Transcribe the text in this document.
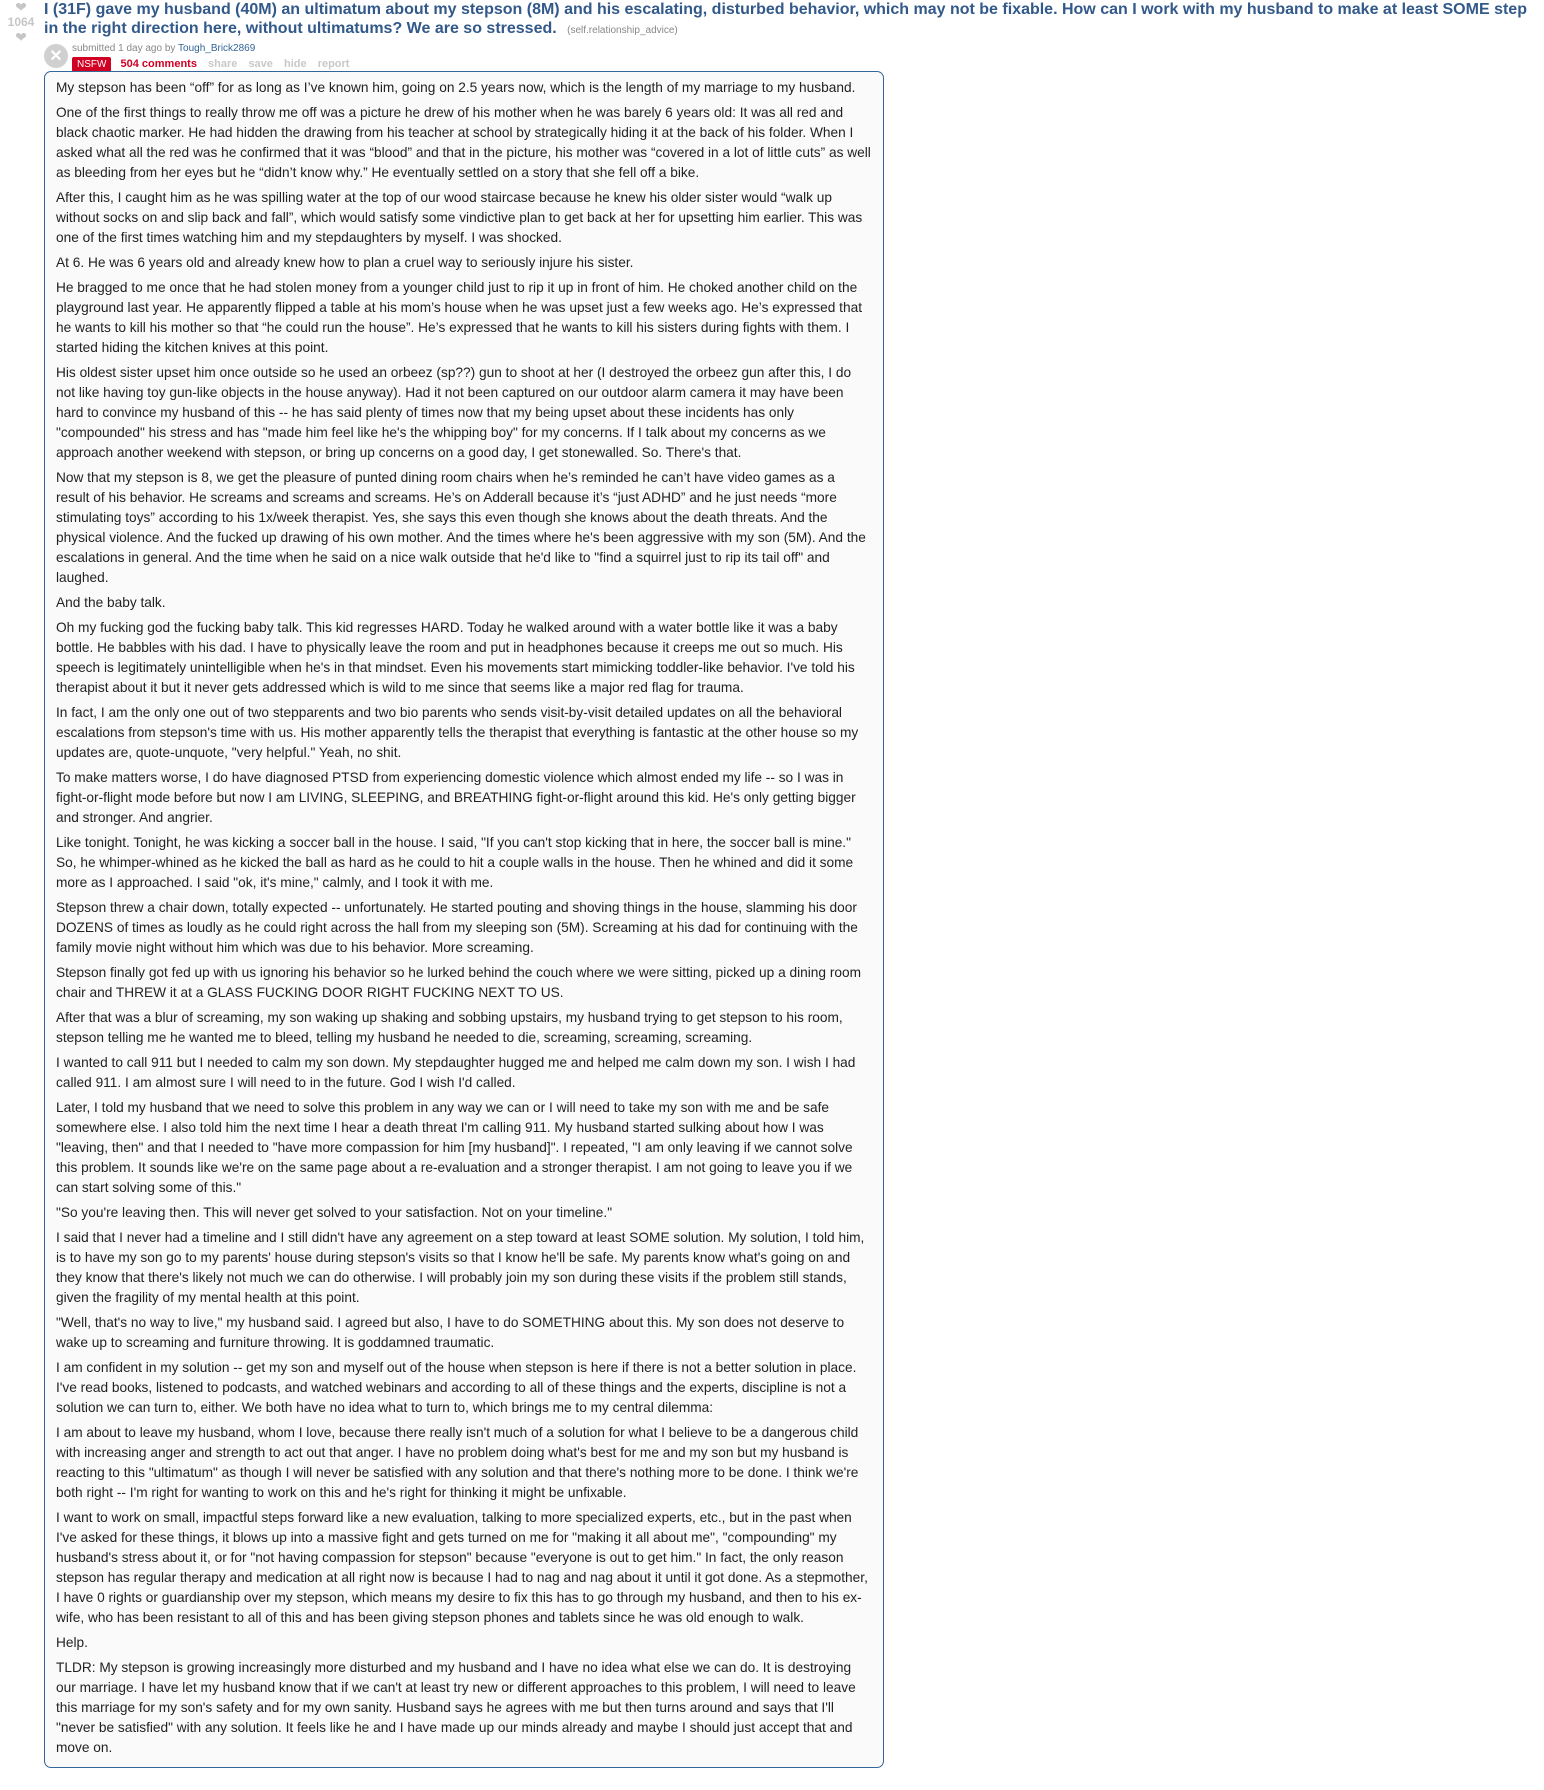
❤
1064
❤

I (31F) gave my husband (40M) an ultimatum about my stepson (8M) and his escalating, disturbed behavior, which may not be fixable. How can I work with my husband to make at least SOME step in the right direction here, without ultimatums? We are so stressed. (self.relationship_advice)

✕ submitted 1 day ago by Tough_Brick2869
NSFW 504 comments share save hide report

My stepson has been “off” for as long as I’ve known him, going on 2.5 years now, which is the length of my marriage to my husband.

One of the first things to really throw me off was a picture he drew of his mother when he was barely 6 years old: It was all red and black chaotic marker. He had hidden the drawing from his teacher at school by strategically hiding it at the back of his folder. When I asked what all the red was he confirmed that it was “blood” and that in the picture, his mother was “covered in a lot of little cuts” as well as bleeding from her eyes but he “didn’t know why.” He eventually settled on a story that she fell off a bike.

After this, I caught him as he was spilling water at the top of our wood staircase because he knew his older sister would “walk up without socks on and slip back and fall”, which would satisfy some vindictive plan to get back at her for upsetting him earlier. This was one of the first times watching him and my stepdaughters by myself. I was shocked.

At 6. He was 6 years old and already knew how to plan a cruel way to seriously injure his sister.

He bragged to me once that he had stolen money from a younger child just to rip it up in front of him. He choked another child on the playground last year. He apparently flipped a table at his mom’s house when he was upset just a few weeks ago. He’s expressed that he wants to kill his mother so that “he could run the house”. He’s expressed that he wants to kill his sisters during fights with them. I started hiding the kitchen knives at this point.

His oldest sister upset him once outside so he used an orbeez (sp??) gun to shoot at her (I destroyed the orbeez gun after this, I do not like having toy gun-like objects in the house anyway). Had it not been captured on our outdoor alarm camera it may have been hard to convince my husband of this -- he has said plenty of times now that my being upset about these incidents has only "compounded" his stress and has "made him feel like he's the whipping boy" for my concerns. If I talk about my concerns as we approach another weekend with stepson, or bring up concerns on a good day, I get stonewalled. So. There's that.

Now that my stepson is 8, we get the pleasure of punted dining room chairs when he’s reminded he can’t have video games as a result of his behavior. He screams and screams and screams. He’s on Adderall because it’s “just ADHD” and he just needs “more stimulating toys” according to his 1x/week therapist. Yes, she says this even though she knows about the death threats. And the physical violence. And the fucked up drawing of his own mother. And the times where he's been aggressive with my son (5M). And the escalations in general. And the time when he said on a nice walk outside that he'd like to "find a squirrel just to rip its tail off" and laughed.

And the baby talk.

Oh my fucking god the fucking baby talk. This kid regresses HARD. Today he walked around with a water bottle like it was a baby bottle. He babbles with his dad. I have to physically leave the room and put in headphones because it creeps me out so much. His speech is legitimately unintelligible when he's in that mindset. Even his movements start mimicking toddler-like behavior. I've told his therapist about it but it never gets addressed which is wild to me since that seems like a major red flag for trauma.

In fact, I am the only one out of two stepparents and two bio parents who sends visit-by-visit detailed updates on all the behavioral escalations from stepson's time with us. His mother apparently tells the therapist that everything is fantastic at the other house so my updates are, quote-unquote, "very helpful." Yeah, no shit.

To make matters worse, I do have diagnosed PTSD from experiencing domestic violence which almost ended my life -- so I was in fight-or-flight mode before but now I am LIVING, SLEEPING, and BREATHING fight-or-flight around this kid. He's only getting bigger and stronger. And angrier.

Like tonight. Tonight, he was kicking a soccer ball in the house. I said, "If you can't stop kicking that in here, the soccer ball is mine." So, he whimper-whined as he kicked the ball as hard as he could to hit a couple walls in the house. Then he whined and did it some more as I approached. I said "ok, it's mine," calmly, and I took it with me.

Stepson threw a chair down, totally expected -- unfortunately. He started pouting and shoving things in the house, slamming his door DOZENS of times as loudly as he could right across the hall from my sleeping son (5M). Screaming at his dad for continuing with the family movie night without him which was due to his behavior. More screaming.

Stepson finally got fed up with us ignoring his behavior so he lurked behind the couch where we were sitting, picked up a dining room chair and THREW it at a GLASS FUCKING DOOR RIGHT FUCKING NEXT TO US.

After that was a blur of screaming, my son waking up shaking and sobbing upstairs, my husband trying to get stepson to his room, stepson telling me he wanted me to bleed, telling my husband he needed to die, screaming, screaming, screaming.

I wanted to call 911 but I needed to calm my son down. My stepdaughter hugged me and helped me calm down my son. I wish I had called 911. I am almost sure I will need to in the future. God I wish I'd called.

Later, I told my husband that we need to solve this problem in any way we can or I will need to take my son with me and be safe somewhere else. I also told him the next time I hear a death threat I'm calling 911. My husband started sulking about how I was "leaving, then" and that I needed to "have more compassion for him [my husband]". I repeated, "I am only leaving if we cannot solve this problem. It sounds like we're on the same page about a re-evaluation and a stronger therapist. I am not going to leave you if we can start solving some of this."

"So you're leaving then. This will never get solved to your satisfaction. Not on your timeline."

I said that I never had a timeline and I still didn't have any agreement on a step toward at least SOME solution. My solution, I told him, is to have my son go to my parents' house during stepson's visits so that I know he'll be safe. My parents know what's going on and they know that there's likely not much we can do otherwise. I will probably join my son during these visits if the problem still stands, given the fragility of my mental health at this point.

"Well, that's no way to live," my husband said. I agreed but also, I have to do SOMETHING about this. My son does not deserve to wake up to screaming and furniture throwing. It is goddamned traumatic.

I am confident in my solution -- get my son and myself out of the house when stepson is here if there is not a better solution in place. I've read books, listened to podcasts, and watched webinars and according to all of these things and the experts, discipline is not a solution we can turn to, either. We both have no idea what to turn to, which brings me to my central dilemma:

I am about to leave my husband, whom I love, because there really isn't much of a solution for what I believe to be a dangerous child with increasing anger and strength to act out that anger. I have no problem doing what's best for me and my son but my husband is reacting to this "ultimatum" as though I will never be satisfied with any solution and that there's nothing more to be done. I think we're both right -- I'm right for wanting to work on this and he's right for thinking it might be unfixable.

I want to work on small, impactful steps forward like a new evaluation, talking to more specialized experts, etc., but in the past when I've asked for these things, it blows up into a massive fight and gets turned on me for "making it all about me", "compounding" my husband's stress about it, or for "not having compassion for stepson" because "everyone is out to get him." In fact, the only reason stepson has regular therapy and medication at all right now is because I had to nag and nag about it until it got done. As a stepmother, I have 0 rights or guardianship over my stepson, which means my desire to fix this has to go through my husband, and then to his ex-wife, who has been resistant to all of this and has been giving stepson phones and tablets since he was old enough to walk.

Help.

TLDR: My stepson is growing increasingly more disturbed and my husband and I have no idea what else we can do. It is destroying our marriage. I have let my husband know that if we can't at least try new or different approaches to this problem, I will need to leave this marriage for my son's safety and for my own sanity. Husband says he agrees with me but then turns around and says that I'll "never be satisfied" with any solution. It feels like he and I have made up our minds already and maybe I should just accept that and move on.
